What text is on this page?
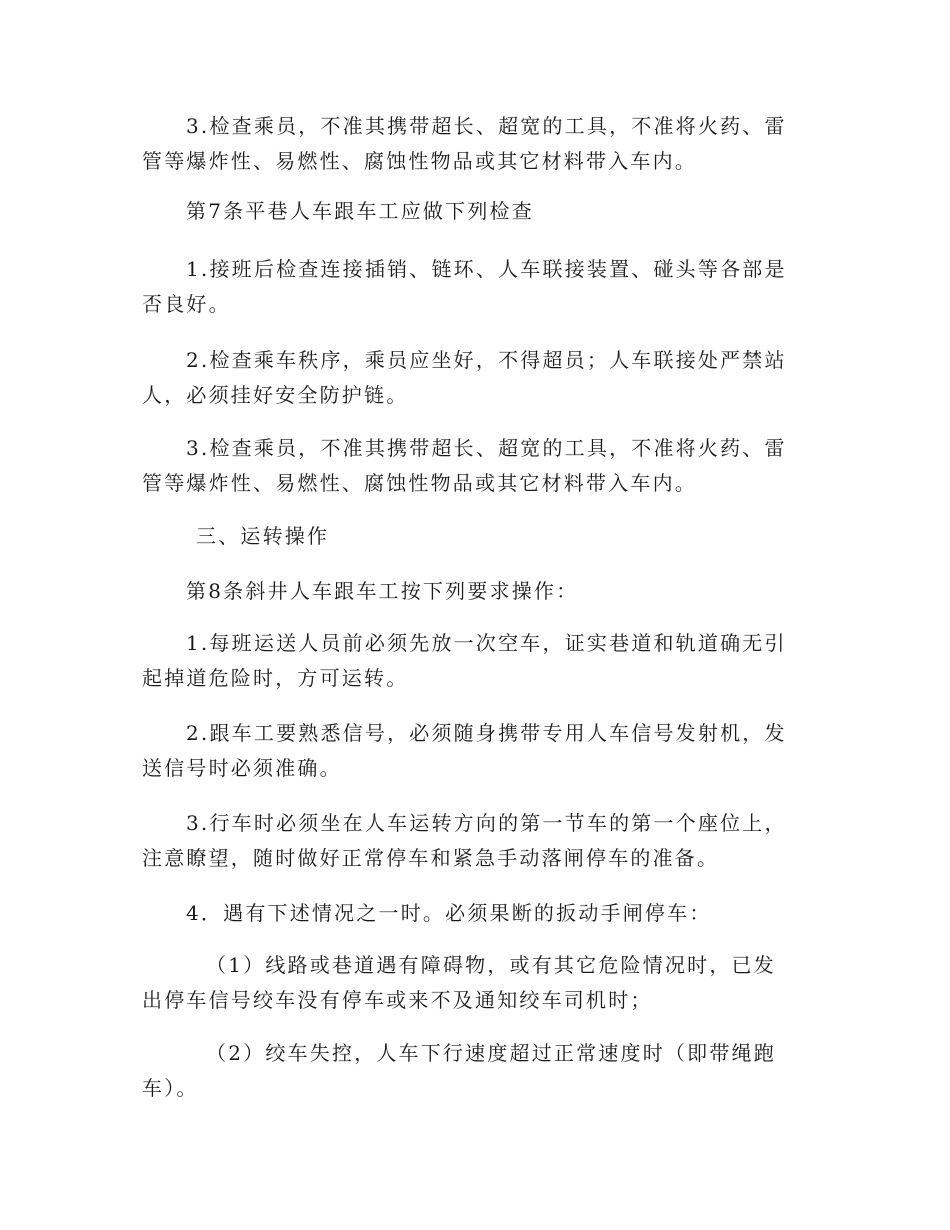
3.检查乘员，不准其携带超长、超宽的工具，不准将火药、雷管等爆炸性、易燃性、腐蚀性物品或其它材料带入车内。

第7条平巷人车跟车工应做下列检查

1.接班后检查连接插销、链环、人车联接装置、碰头等各部是否良好。

2.检查乘车秩序，乘员应坐好，不得超员；人车联接处严禁站人，必须挂好安全防护链。

3.检查乘员，不准其携带超长、超宽的工具，不准将火药、雷管等爆炸性、易燃性、腐蚀性物品或其它材料带入车内。

三、运转操作

第8条斜井人车跟车工按下列要求操作：

1.每班运送人员前必须先放一次空车，证实巷道和轨道确无引起掉道危险时，方可运转。

2.跟车工要熟悉信号，必须随身携带专用人车信号发射机，发送信号时必须准确。

3.行车时必须坐在人车运转方向的第一节车的第一个座位上，注意瞭望，随时做好正常停车和紧急手动落闸停车的准备。

4．遇有下述情况之一时。必须果断的扳动手闸停车：

（1）线路或巷道遇有障碍物，或有其它危险情况时，已发出停车信号绞车没有停车或来不及通知绞车司机时；

（2）绞车失控，人车下行速度超过正常速度时（即带绳跑车）。
